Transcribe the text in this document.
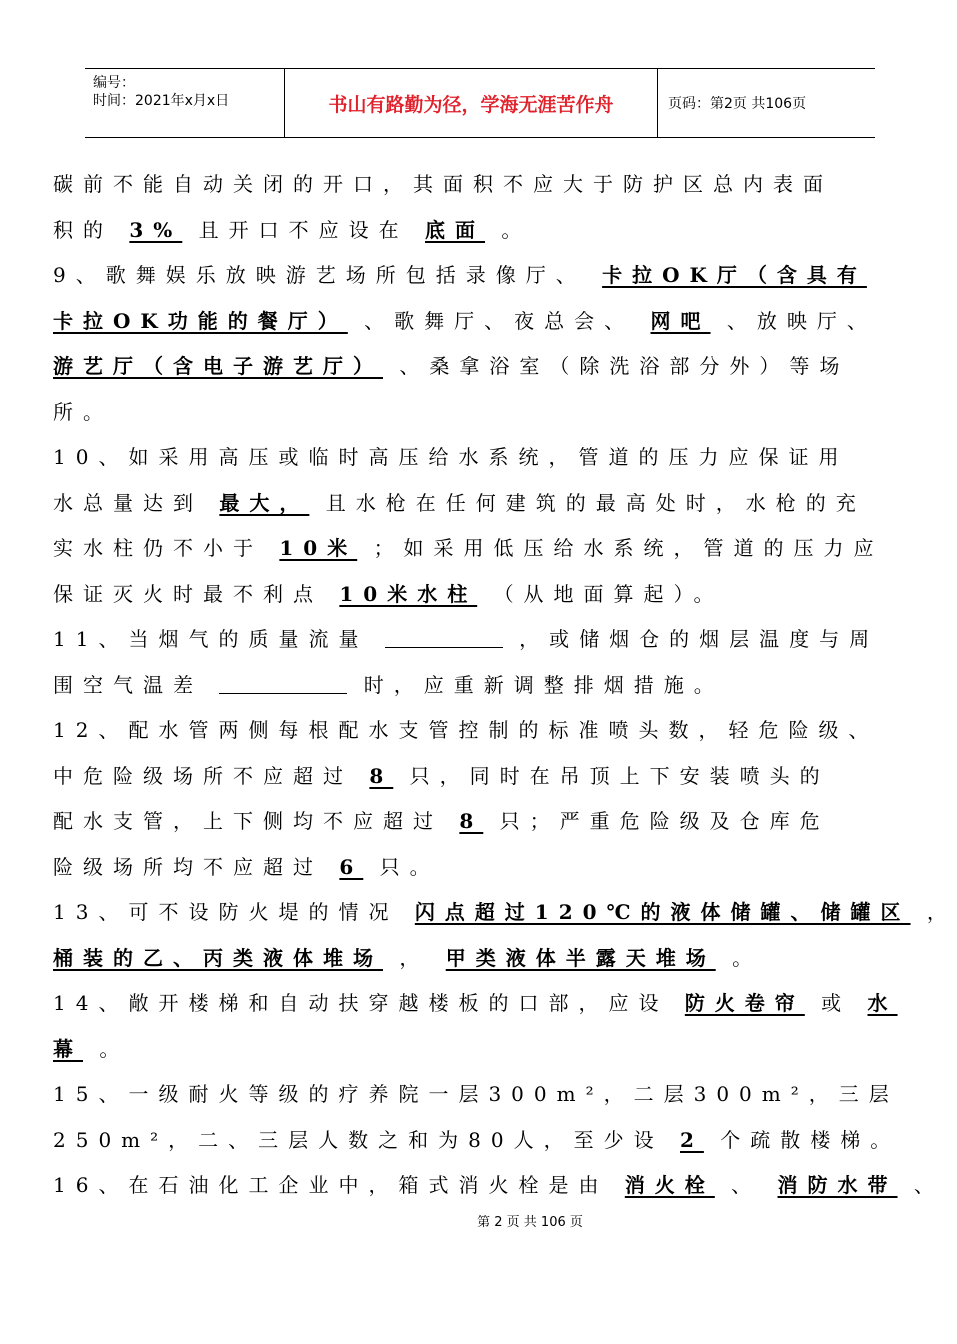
编号：
时间：2021年x月x日	书山有路勤为径，学海无涯苦作舟	页码：第2页 共106页
碳前不能自动关闭的开口，其面积不应大于防护区总内表面
积的 3% 且开口不应设在 底面 。
9、歌舞娱乐放映游艺场所包括录像厅、 卡拉OK厅（含具有
卡拉OK功能的餐厅） 、歌舞厅、夜总会、 网吧 、放映厅、
游艺厅（含电子游艺厅） 、桑拿浴室（除洗浴部分外）等场
所。
10、如采用高压或临时高压给水系统，管道的压力应保证用
水总量达到 最大， 且水枪在任何建筑的最高处时，水枪的充
实水柱仍不小于 10米 ；如采用低压给水系统，管道的压力应
保证灭火时最不利点 10米水柱 （从地面算起）。
11、当烟气的质量流量	，或储烟仓的烟层温度与周
围空气温差	时，应重新调整排烟措施。
12、配水管两侧每根配水支管控制的标准喷头数，轻危险级、
中危险级场所不应超过 8 只，同时在吊顶上下安装喷头的
配水支管，上下侧均不应超过 8 只；严重危险级及仓库危
险级场所均不应超过 6 只。
13、可不设防火堤的情况 闪点超过120℃的液体储罐、储罐区 ，
桶装的乙、丙类液体堆场 ， 甲类液体半露天堆场 。
14、敞开楼梯和自动扶穿越楼板的口部，应设 防火卷帘 或 水
幕 。
15、一级耐火等级的疗养院一层300m²，二层300m²，三层
250m²，二、三层人数之和为80人，至少设 2 个疏散楼梯。
16、在石油化工企业中，箱式消火栓是由 消火栓 、 消防水带 、
第 2 页 共 106 页
